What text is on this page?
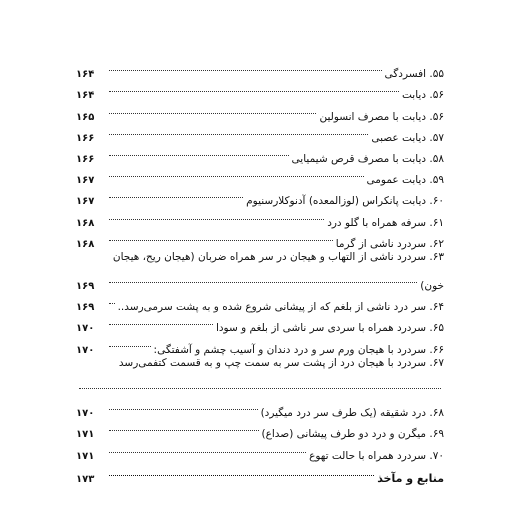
۵۵. افسردگی
۱۶۴
۵۶. دیابت
۱۶۴
۵۶. دیابت با مصرف انسولین
۱۶۵
۵۷. دیابت عصبی
۱۶۶
۵۸. دیابت با مصرف قرص شیمیایی
۱۶۶
۵۹. دیابت عمومی
۱۶۷
۶۰. دیابت پانکراس (لوزالمعده) آدنوکلارسنیوم
۱۶۷
۶۱. سرفه همراه با گلو درد
۱۶۸
۶۲. سردرد ناشی از گرما
۱۶۸
۶۳. سردرد ناشی از التهاب و هیجان در سر همراه ضربان (هیجان ریح، هیجان
خون)
۱۶۹
۶۴. سر درد ناشی از بلغم که از پیشانی شروع شده و به پشت سرمی‌رسد..
۱۶۹
۶۵. سردرد همراه با سردی سر ناشی از بلغم و سودا
۱۷۰
۶۶. سردرد با هیجان ورم سر و درد دندان و آسیب چشم و آشفتگی:
۱۷۰
۶۷. سردرد با هیجان درد از پشت سر به سمت چپ و به قسمت کتفمی‌رسد
۶۸. درد شقیقه (یک طرف سر درد میگیرد)
۱۷۰
۶۹. میگرن و درد دو طرف پیشانی (صداع)
۱۷۱
۷۰. سردرد همراه با حالت تهوع
۱۷۱
منابع و مآخذ
۱۷۳
